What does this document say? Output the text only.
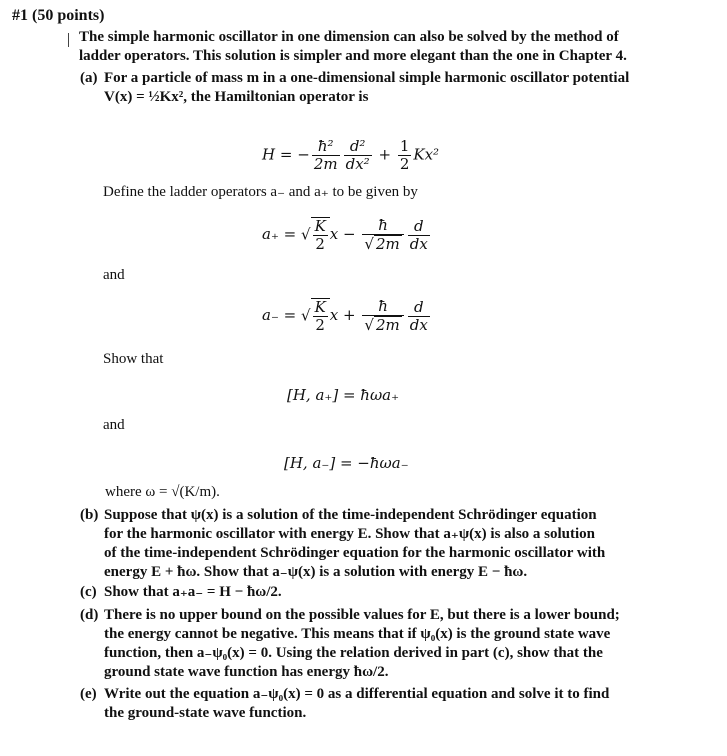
#1 (50 points)
The simple harmonic oscillator in one dimension can also be solved by the method of
ladder operators. This solution is simpler and more elegant than the one in Chapter 4.
(a) For a particle of mass m in a one-dimensional simple harmonic oscillator potential
V(x) = ½Kx², the Hamiltonian operator is
H = − $\frac{\text{ħ²}}{2m} \frac{\text{d²}}{\text{dx²}} + \frac{1}{2} Kx^2$
Define the ladder operators a₋ and a₊ to be given by
a₊ = √ $\frac{K}{2}$ $x - \frac{ħ}{√ 2m} \frac{d}{dx}$
and
a₋ = √ $\frac{K}{2}$ $x + \frac{ħ}{√ 2m} \frac{d}{dx}$
Show that
[H, a₊] = ħωa₊
and
[H, a₋] = −ħωa₋
where ω = √(K/m).
(b) Suppose that ψ(x) is a solution of the time-independent Schrödinger equation
for the harmonic oscillator with energy E. Show that a₊ψ(x) is also a solution
of the time-independent Schrödinger equation for the harmonic oscillator with
energy E + ħω. Show that a₋ψ(x) is a solution with energy E − ħω.
(c) Show that a₊a₋ = H − ħω/2.
(d) There is no upper bound on the possible values for E, but there is a lower bound;
the energy cannot be negative. This means that if ψ₀(x) is the ground state wave
function, then a₋ψ₀(x) = 0. Using the relation derived in part (c), show that the
ground state wave function has energy ħω/2.
(e) Write out the equation a₋ψ₀(x) = 0 as a differential equation and solve it to find
the ground-state wave function.
